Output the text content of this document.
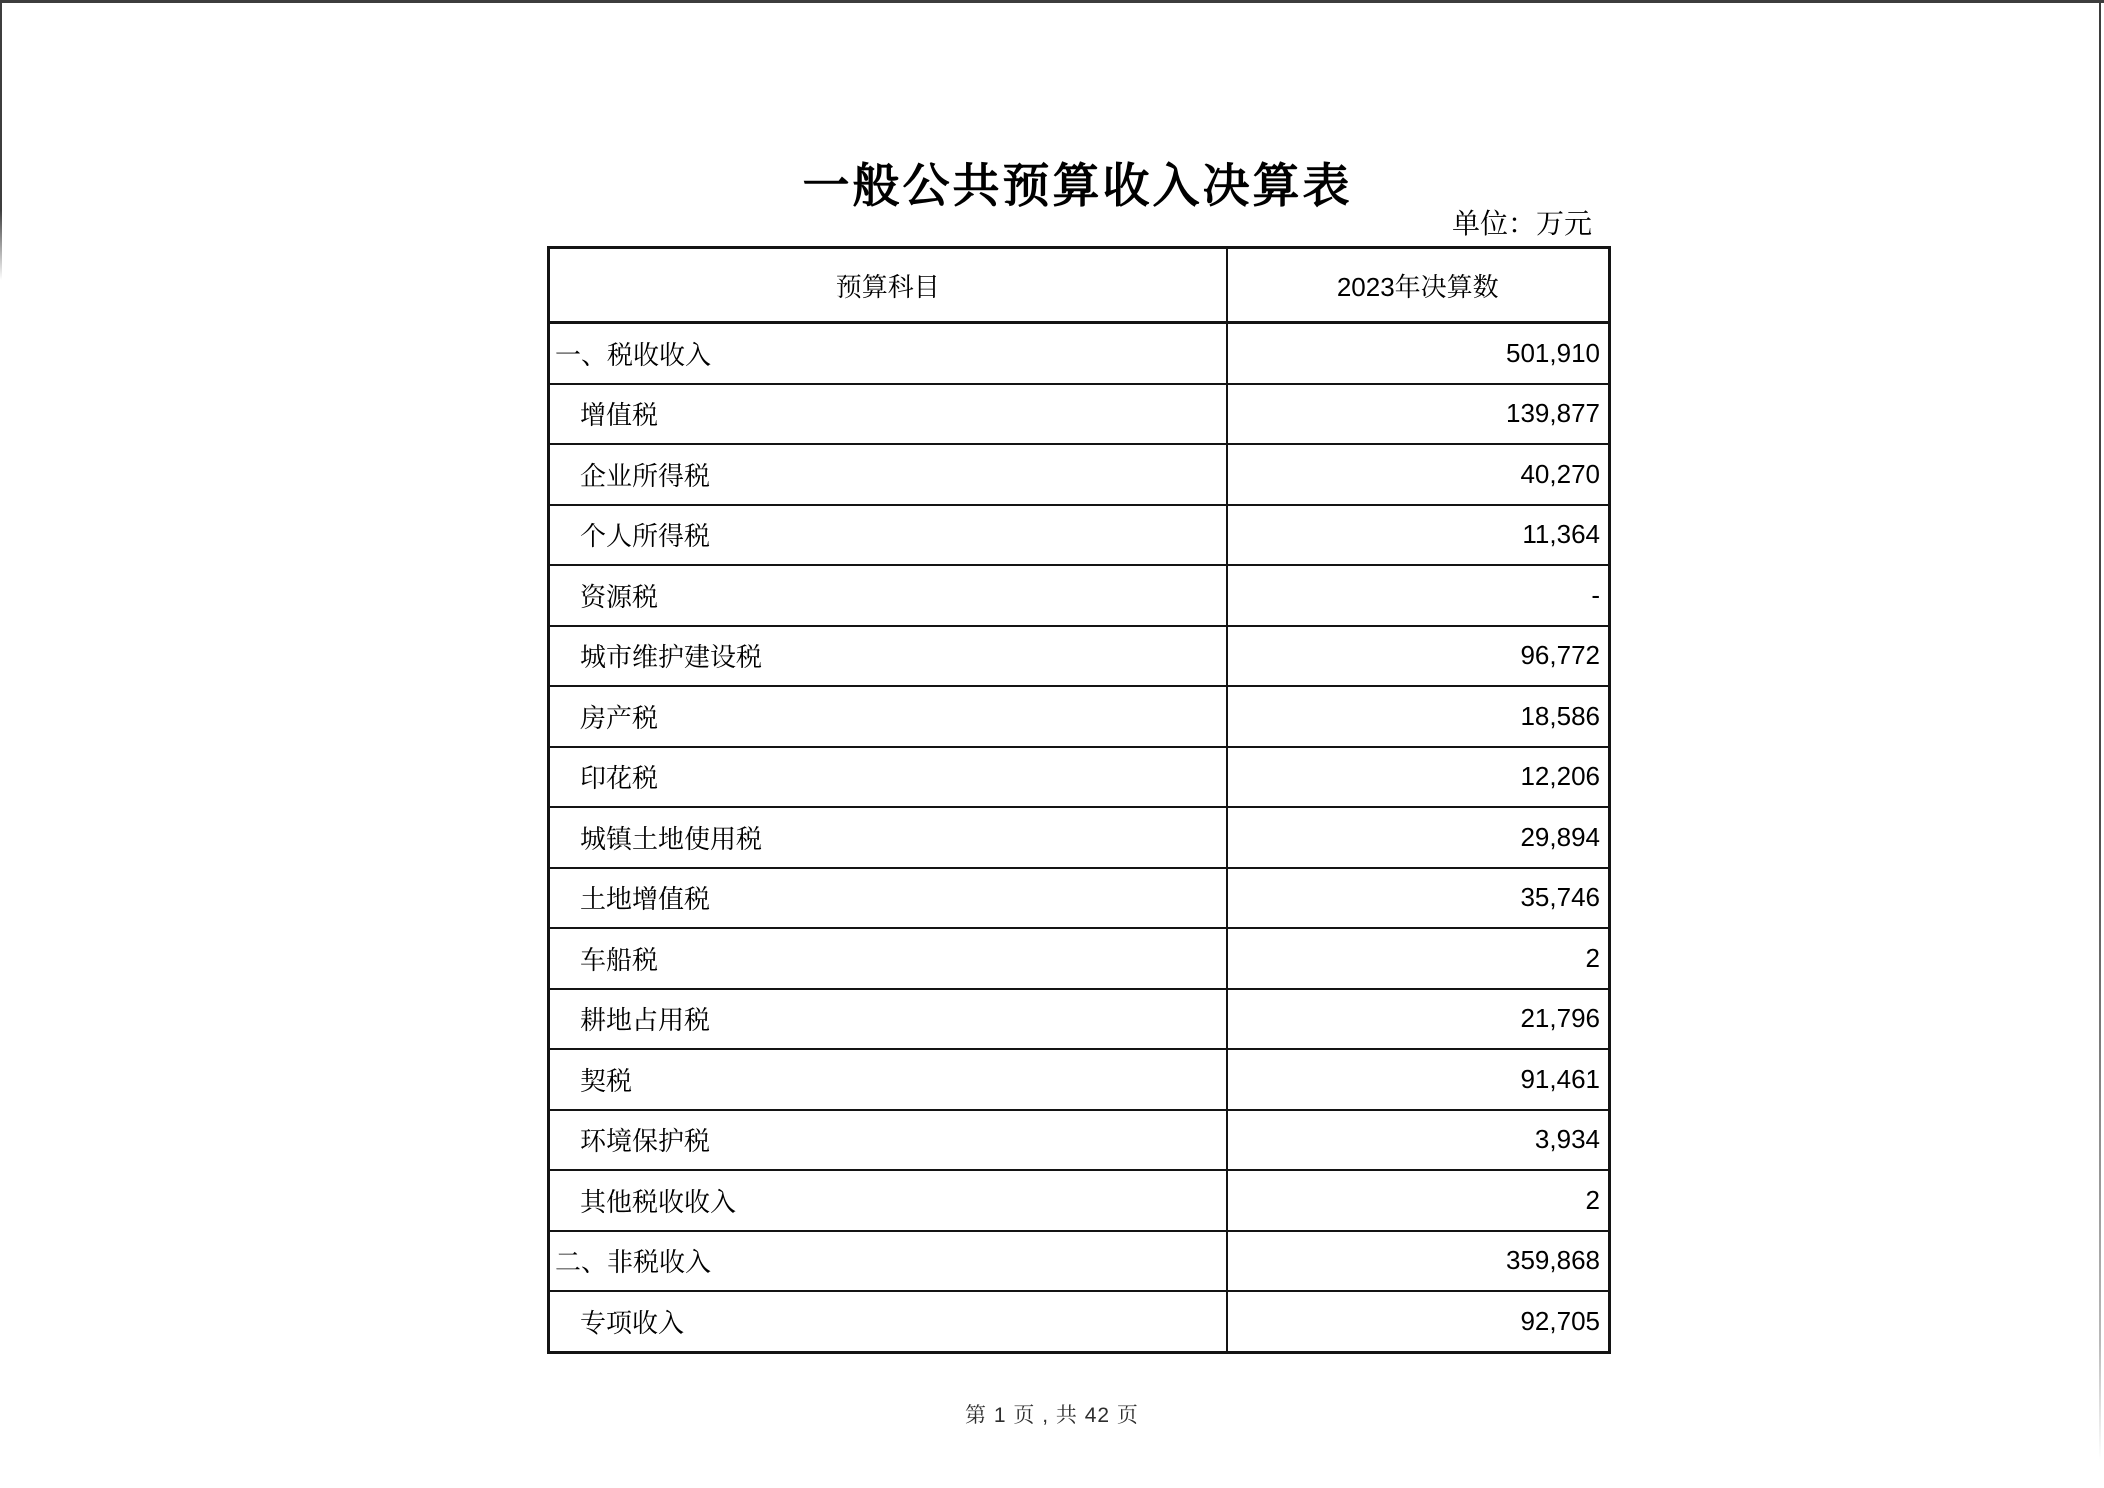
一般公共预算收入决算表
单位：万元
预算科目	2023年决算数
一、税收收入	501,910
增值税	139,877
企业所得税	40,270
个人所得税	11,364
资源税	-
城市维护建设税	96,772
房产税	18,586
印花税	12,206
城镇土地使用税	29,894
土地增值税	35,746
车船税	2
耕地占用税	21,796
契税	91,461
环境保护税	3,934
其他税收收入	2
二、非税收入	359,868
专项收入	92,705
第 1 页 , 共 42 页
